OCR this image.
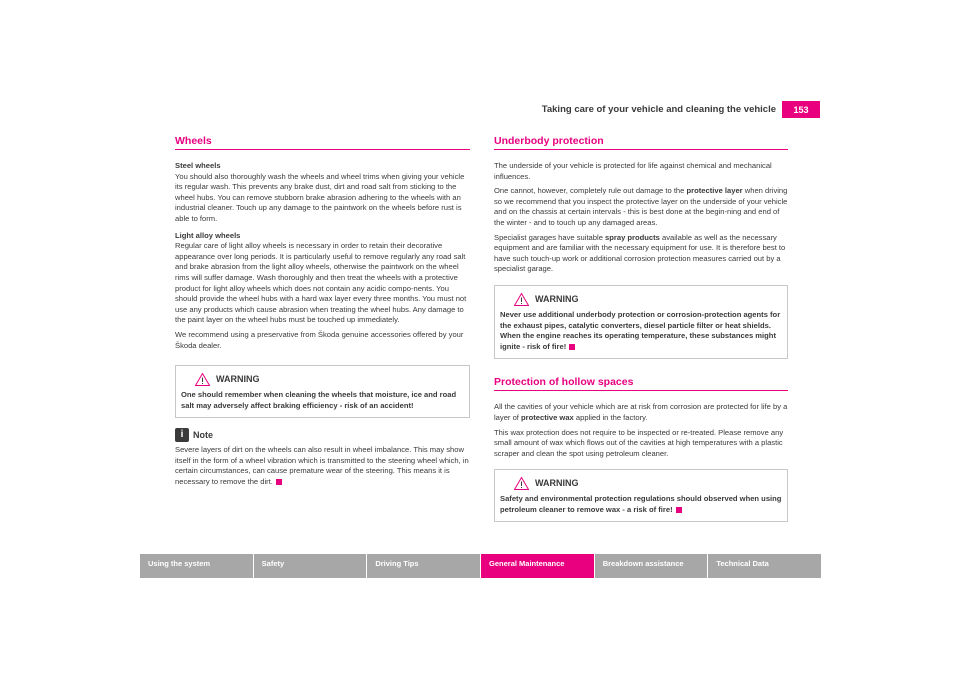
Taking care of your vehicle and cleaning the vehicle	153
Wheels

Steel wheels

You should also thoroughly wash the wheels and wheel trims when giving your vehicle its regular wash. This prevents any brake dust, dirt and road salt from sticking to the wheel hubs. You can remove stubborn brake abrasion adhering to the wheels with an industrial cleaner. Touch up any damage to the paintwork on the wheels before rust is able to form.

Light alloy wheels

Regular care of light alloy wheels is necessary in order to retain their decorative appearance over long periods. It is particularly useful to remove regularly any road salt and brake abrasion from the light alloy wheels, otherwise the paintwork on the wheel rims will suffer damage. Wash thoroughly and then treat the wheels with a protective product for light alloy wheels which does not contain any acidic compo-nents. You should provide the wheel hubs with a hard wax layer every three months. You must not use any products which cause abrasion when treating the wheel hubs. Any damage to the paint layer on the wheel hubs must be touched up immediately.

We recommend using a preservative from Škoda genuine accessories offered by your Škoda dealer.

WARNING
One should remember when cleaning the wheels that moisture, ice and road salt may adversely affect braking efficiency - risk of an accident!
i	Note

Severe layers of dirt on the wheels can also result in wheel imbalance. This may show itself in the form of a wheel vibration which is transmitted to the steering wheel which, in certain circumstances, can cause premature wear of the steering. This means it is necessary to remove the dirt.

Underbody protection

The underside of your vehicle is protected for life against chemical and mechanical influences.

One cannot, however, completely rule out damage to the protective layer when driving so we recommend that you inspect the protective layer on the underside of your vehicle and on the chassis at certain intervals - this is best done at the begin-ning and end of the winter - and to touch up any damaged areas.

Specialist garages have suitable spray products available as well as the necessary equipment and are familiar with the necessary equipment for use. It is therefore best to have such touch-up work or additional corrosion protection measures carried out by a specialist garage.

WARNING
Never use additional underbody protection or corrosion-protection agents for the exhaust pipes, catalytic converters, diesel particle filter or heat shields. When the engine reaches its operating temperature, these substances might ignite - risk of fire!
Protection of hollow spaces

All the cavities of your vehicle which are at risk from corrosion are protected for life by a layer of protective wax applied in the factory.

This wax protection does not require to be inspected or re-treated. Please remove any small amount of wax which flows out of the cavities at high temperatures with a plastic scraper and clean the spot using petroleum cleaner.

WARNING
Safety and environmental protection regulations should observed when using petroleum cleaner to remove wax - a risk of fire!
Using the system	Safety	Driving Tips	General Maintenance	Breakdown assistance	Technical Data
